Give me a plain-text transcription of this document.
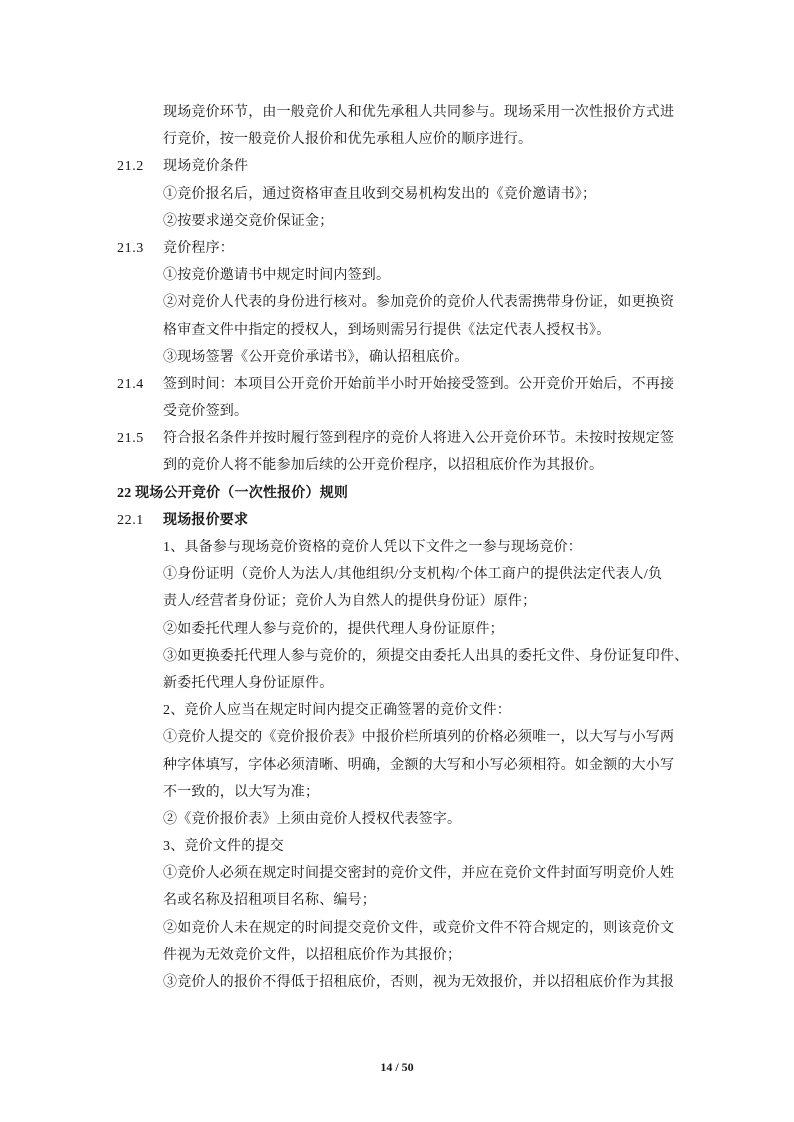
现场竞价环节，由一般竞价人和优先承租人共同参与。现场采用一次性报价方式进
行竞价，按一般竞价人报价和优先承租人应价的顺序进行。
21.2 现场竞价条件
①竞价报名后，通过资格审查且收到交易机构发出的《竞价邀请书》；
②按要求递交竞价保证金；
21.3 竞价程序：
①按竞价邀请书中规定时间内签到。
②对竞价人代表的身份进行核对。参加竞价的竞价人代表需携带身份证，如更换资
格审查文件中指定的授权人，到场则需另行提供《法定代表人授权书》。
③现场签署《公开竞价承诺书》，确认招租底价。
21.4 签到时间：本项目公开竞价开始前半小时开始接受签到。公开竞价开始后，不再接
受竞价签到。
21.5 符合报名条件并按时履行签到程序的竞价人将进入公开竞价环节。未按时按规定签
到的竞价人将不能参加后续的公开竞价程序，以招租底价作为其报价。
22 现场公开竞价（一次性报价）规则
22.1 现场报价要求
1、具备参与现场竞价资格的竞价人凭以下文件之一参与现场竞价：
①身份证明（竞价人为法人/其他组织/分支机构/个体工商户的提供法定代表人/负
责人/经营者身份证；竞价人为自然人的提供身份证）原件；
②如委托代理人参与竞价的，提供代理人身份证原件；
③如更换委托代理人参与竞价的，须提交由委托人出具的委托文件、身份证复印件、
新委托代理人身份证原件。
2、竞价人应当在规定时间内提交正确签署的竞价文件：
①竞价人提交的《竞价报价表》中报价栏所填列的价格必须唯一，以大写与小写两
种字体填写，字体必须清晰、明确，金额的大写和小写必须相符。如金额的大小写
不一致的，以大写为准；
②《竞价报价表》上须由竞价人授权代表签字。
3、竞价文件的提交
①竞价人必须在规定时间提交密封的竞价文件，并应在竞价文件封面写明竞价人姓
名或名称及招租项目名称、编号；
②如竞价人未在规定的时间提交竞价文件，或竞价文件不符合规定的，则该竞价文
件视为无效竞价文件，以招租底价作为其报价；
③竞价人的报价不得低于招租底价，否则，视为无效报价，并以招租底价作为其报
14 / 50
